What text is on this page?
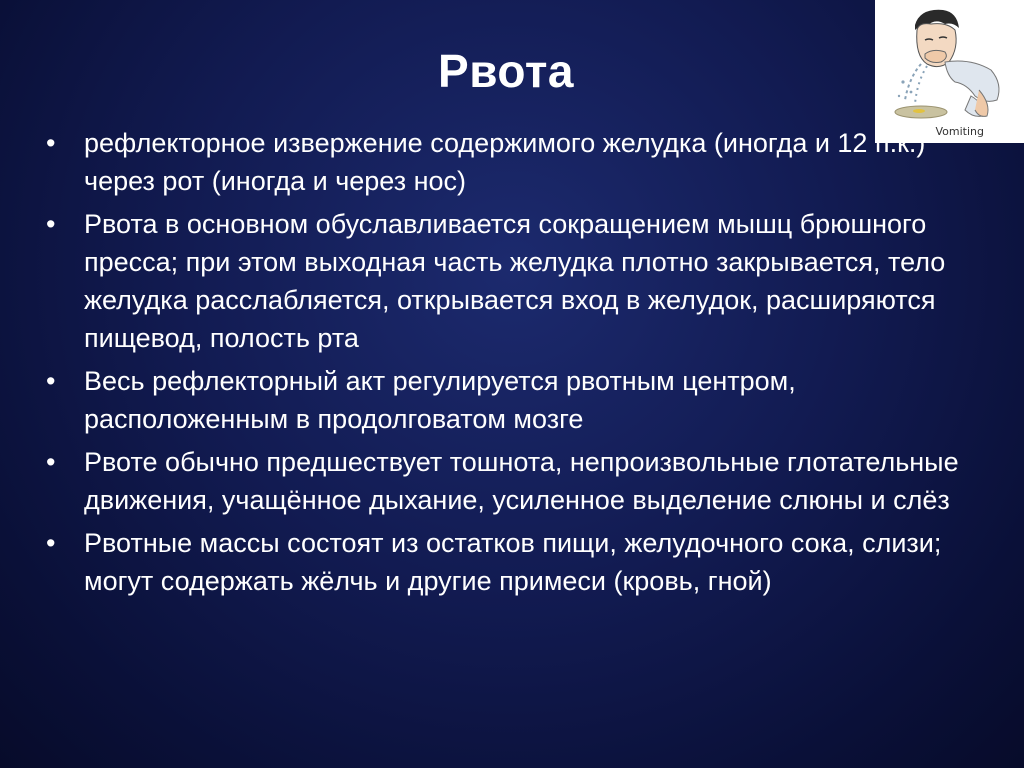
Рвота
Vomiting
• рефлекторное извержение содержимого желудка (иногда и 12 п.к.) через рот (иногда и через нос)
• Рвота в основном обуславливается сокращением мышц брюшного пресса; при этом выходная часть желудка плотно закрывается, тело желудка расслабляется, открывается вход в желудок, расширяются пищевод, полость рта
• Весь рефлекторный акт регулируется рвотным центром, расположенным в продолговатом мозге
• Рвоте обычно предшествует тошнота, непроизвольные глотательные движения, учащённое дыхание, усиленное выделение слюны и слёз
• Рвотные массы состоят из остатков пищи, желудочного сока, слизи; могут содержать жёлчь и другие примеси (кровь, гной)
